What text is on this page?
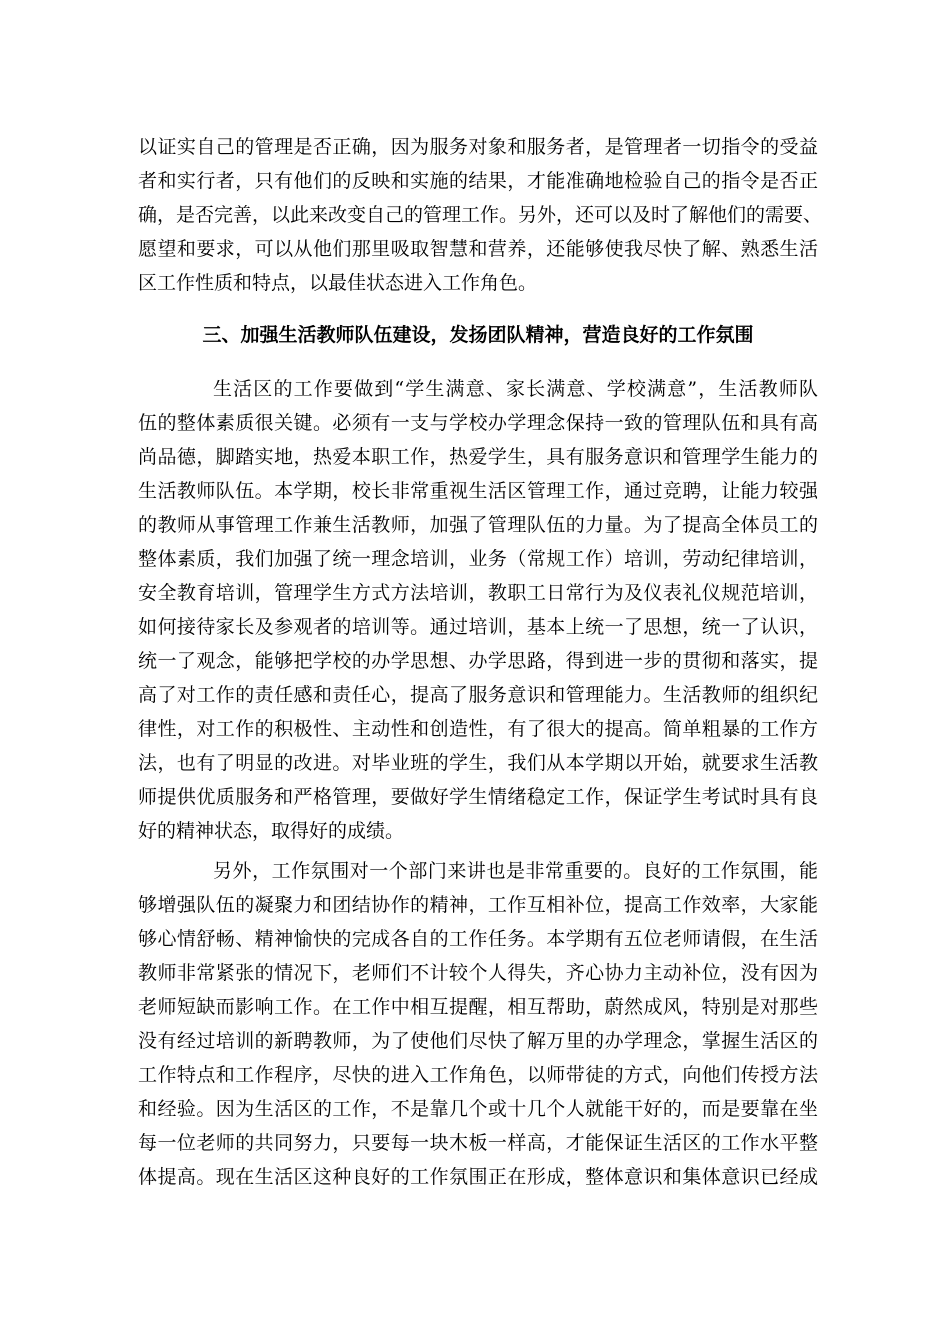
以证实自己的管理是否正确，因为服务对象和服务者，是管理者一切指令的受益
者和实行者，只有他们的反映和实施的结果，才能准确地检验自己的指令是否正
确，是否完善，以此来改变自己的管理工作。另外，还可以及时了解他们的需要、
愿望和要求，可以从他们那里吸取智慧和营养，还能够使我尽快了解、熟悉生活
区工作性质和特点，以最佳状态进入工作角色。
三、加强生活教师队伍建设，发扬团队精神，营造良好的工作氛围
生活区的工作要做到“学生满意、家长满意、学校满意”，生活教师队
伍的整体素质很关键。必须有一支与学校办学理念保持一致的管理队伍和具有高
尚品德，脚踏实地，热爱本职工作，热爱学生，具有服务意识和管理学生能力的
生活教师队伍。本学期，校长非常重视生活区管理工作，通过竞聘，让能力较强
的教师从事管理工作兼生活教师，加强了管理队伍的力量。为了提高全体员工的
整体素质，我们加强了统一理念培训，业务（常规工作）培训，劳动纪律培训，
安全教育培训，管理学生方式方法培训，教职工日常行为及仪表礼仪规范培训，
如何接待家长及参观者的培训等。通过培训，基本上统一了思想，统一了认识，
统一了观念，能够把学校的办学思想、办学思路，得到进一步的贯彻和落实，提
高了对工作的责任感和责任心，提高了服务意识和管理能力。生活教师的组织纪
律性，对工作的积极性、主动性和创造性，有了很大的提高。简单粗暴的工作方
法，也有了明显的改进。对毕业班的学生，我们从本学期以开始，就要求生活教
师提供优质服务和严格管理，要做好学生情绪稳定工作，保证学生考试时具有良
好的精神状态，取得好的成绩。
另外，工作氛围对一个部门来讲也是非常重要的。良好的工作氛围，能
够增强队伍的凝聚力和团结协作的精神，工作互相补位，提高工作效率，大家能
够心情舒畅、精神愉快的完成各自的工作任务。本学期有五位老师请假，在生活
教师非常紧张的情况下，老师们不计较个人得失，齐心协力主动补位，没有因为
老师短缺而影响工作。在工作中相互提醒，相互帮助，蔚然成风，特别是对那些
没有经过培训的新聘教师，为了使他们尽快了解万里的办学理念，掌握生活区的
工作特点和工作程序，尽快的进入工作角色，以师带徒的方式，向他们传授方法
和经验。因为生活区的工作，不是靠几个或十几个人就能干好的，而是要靠在坐
每一位老师的共同努力，只要每一块木板一样高，才能保证生活区的工作水平整
体提高。现在生活区这种良好的工作氛围正在形成，整体意识和集体意识已经成
